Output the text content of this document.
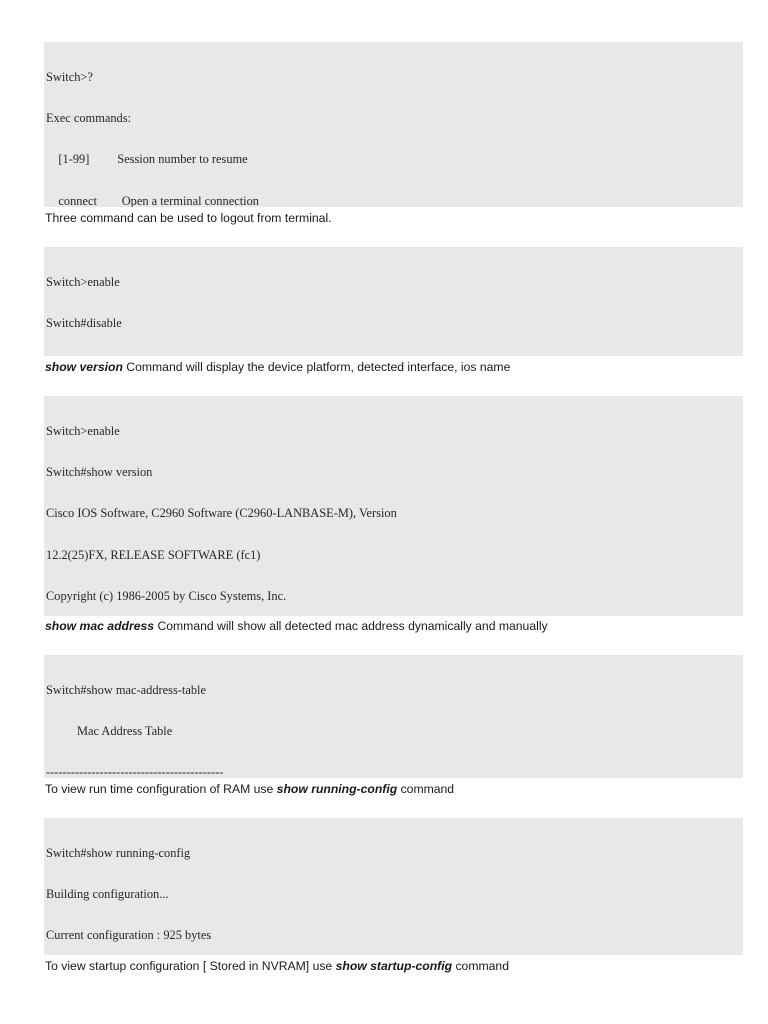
Switch>?

Exec commands:

[1-99]         Session number to resume

connect        Open a terminal connection

Three command can be used to logout from terminal.

Switch>enable

Switch#disable

show version Command will display the device platform, detected interface, ios name

Switch>enable

Switch#show version

Cisco IOS Software, C2960 Software (C2960-LANBASE-M), Version

12.2(25)FX, RELEASE SOFTWARE (fc1)

Copyright (c) 1986-2005 by Cisco Systems, Inc.

show mac address Command will show all detected mac address dynamically and manually

Switch#show mac-address-table

Mac Address Table

-------------------------------------------

To view run time configuration of RAM use show running-config command

Switch#show running-config

Building configuration...

Current configuration : 925 bytes

To view startup configuration [ Stored in NVRAM] use show startup-config command
